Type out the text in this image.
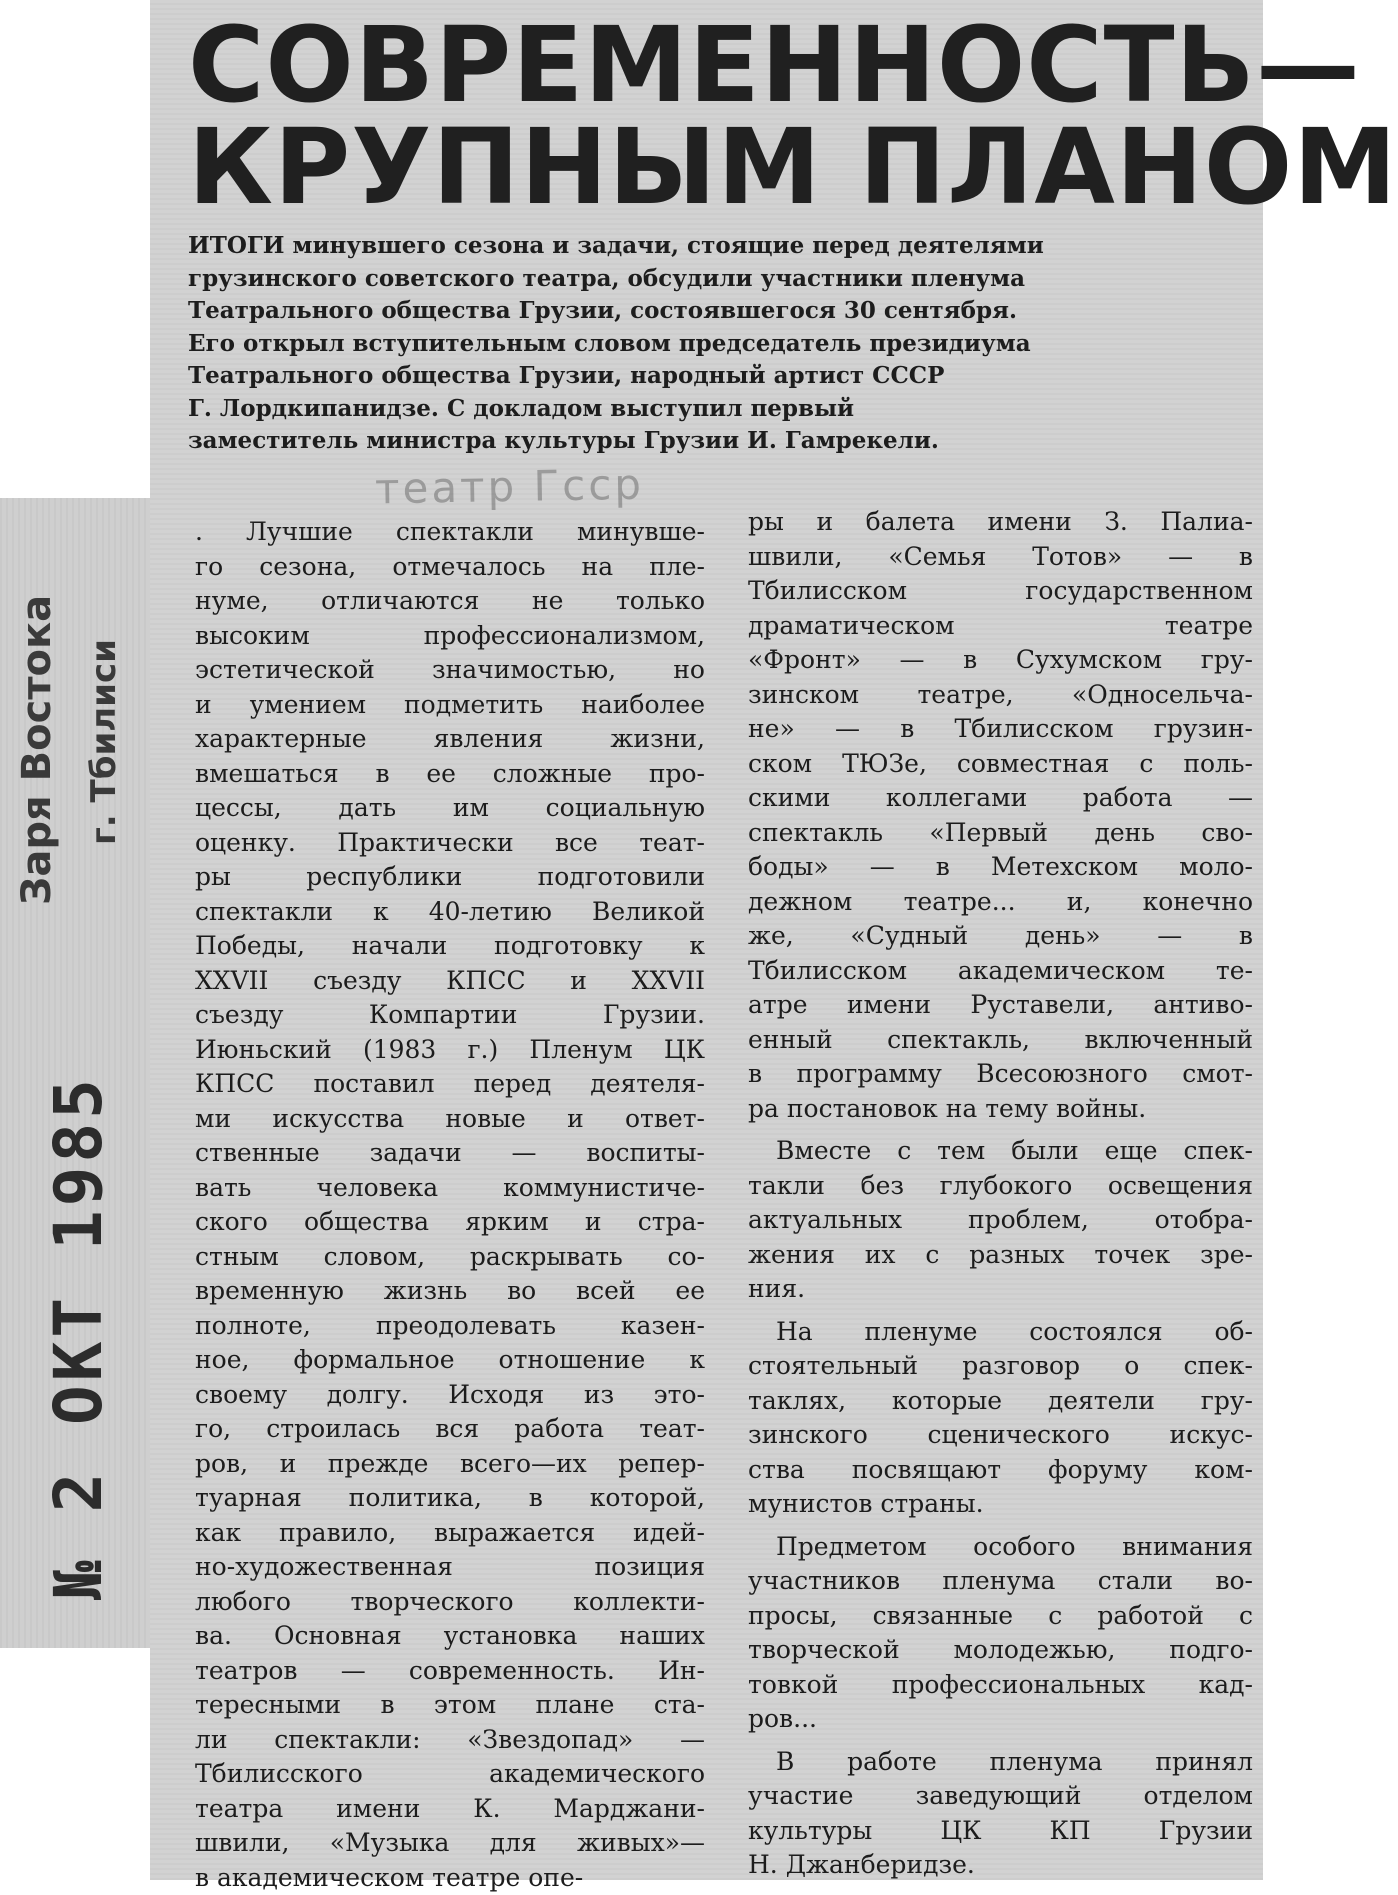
СОВРЕМЕННОСТЬ—
КРУПНЫМ ПЛАНОМ
ИТОГИ минувшего сезона и задачи, стоящие перед деятелями
грузинского советского театра, обсудили участники пленума
Театрального общества Грузии, состоявшегося 30 сентября.
Его открыл вступительным словом председатель президиума
Театрального общества Грузии, народный артист СССР
Г. Лордкипанидзе. С докладом выступил первый
заместитель министра культуры Грузии И. Гамрекели.
театр Гсср
Заря Востока г. Тбилиси
№ 2 ОКТ 1985
. Лучшие спектакли минувше-
го сезона, отмечалось на пле-
нуме, отличаются не только
высоким профессионализмом,
эстетической значимостью, но
и умением подметить наиболее
характерные явления жизни,
вмешаться в ее сложные про-
цессы, дать им социальную
оценку. Практически все теат-
ры республики подготовили
спектакли к 40-летию Великой
Победы, начали подготовку к
XXVII съезду КПСС и XXVII
съезду Компартии Грузии.
Июньский (1983 г.) Пленум ЦК
КПСС поставил перед деятеля-
ми искусства новые и ответ-
ственные задачи — воспиты-
вать человека коммунистиче-
ского общества ярким и стра-
стным словом, раскрывать со-
временную жизнь во всей ее
полноте, преодолевать казен-
ное, формальное отношение к
своему долгу. Исходя из это-
го, строилась вся работа теат-
ров, и прежде всего—их репер-
туарная политика, в которой,
как правило, выражается идей-
но-художественная позиция
любого творческого коллекти-
ва. Основная установка наших
театров — современность. Ин-
тересными в этом плане ста-
ли спектакли: «Звездопад» —
Тбилисского академического
театра имени К. Марджани-
швили, «Музыка для живых»—
в академическом театре опе-
ры и балета имени З. Палиа-
швили, «Семья Тотов» — в
Тбилисском государственном
драматическом театре
«Фронт» — в Сухумском гру-
зинском театре, «Односельча-
не» — в Тбилисском грузин-
ском ТЮЗе, совместная с поль-
скими коллегами работа —
спектакль «Первый день сво-
боды» — в Метехском моло-
дежном театре... и, конечно
же, «Судный день» — в
Тбилисском академическом те-
атре имени Руставели, антиво-
енный спектакль, включенный
в программу Всесоюзного смот-
ра постановок на тему войны.
Вместе с тем были еще спек-
такли без глубокого освещения
актуальных проблем, отобра-
жения их с разных точек зре-
ния.
На пленуме состоялся об-
стоятельный разговор о спек-
таклях, которые деятели гру-
зинского сценического искус-
ства посвящают форуму ком-
мунистов страны.
Предметом особого внимания
участников пленума стали во-
просы, связанные с работой с
творческой молодежью, подго-
товкой профессиональных кад-
ров...
В работе пленума принял
участие заведующий отделом
культуры ЦК КП Грузии
Н. Джанберидзе.
